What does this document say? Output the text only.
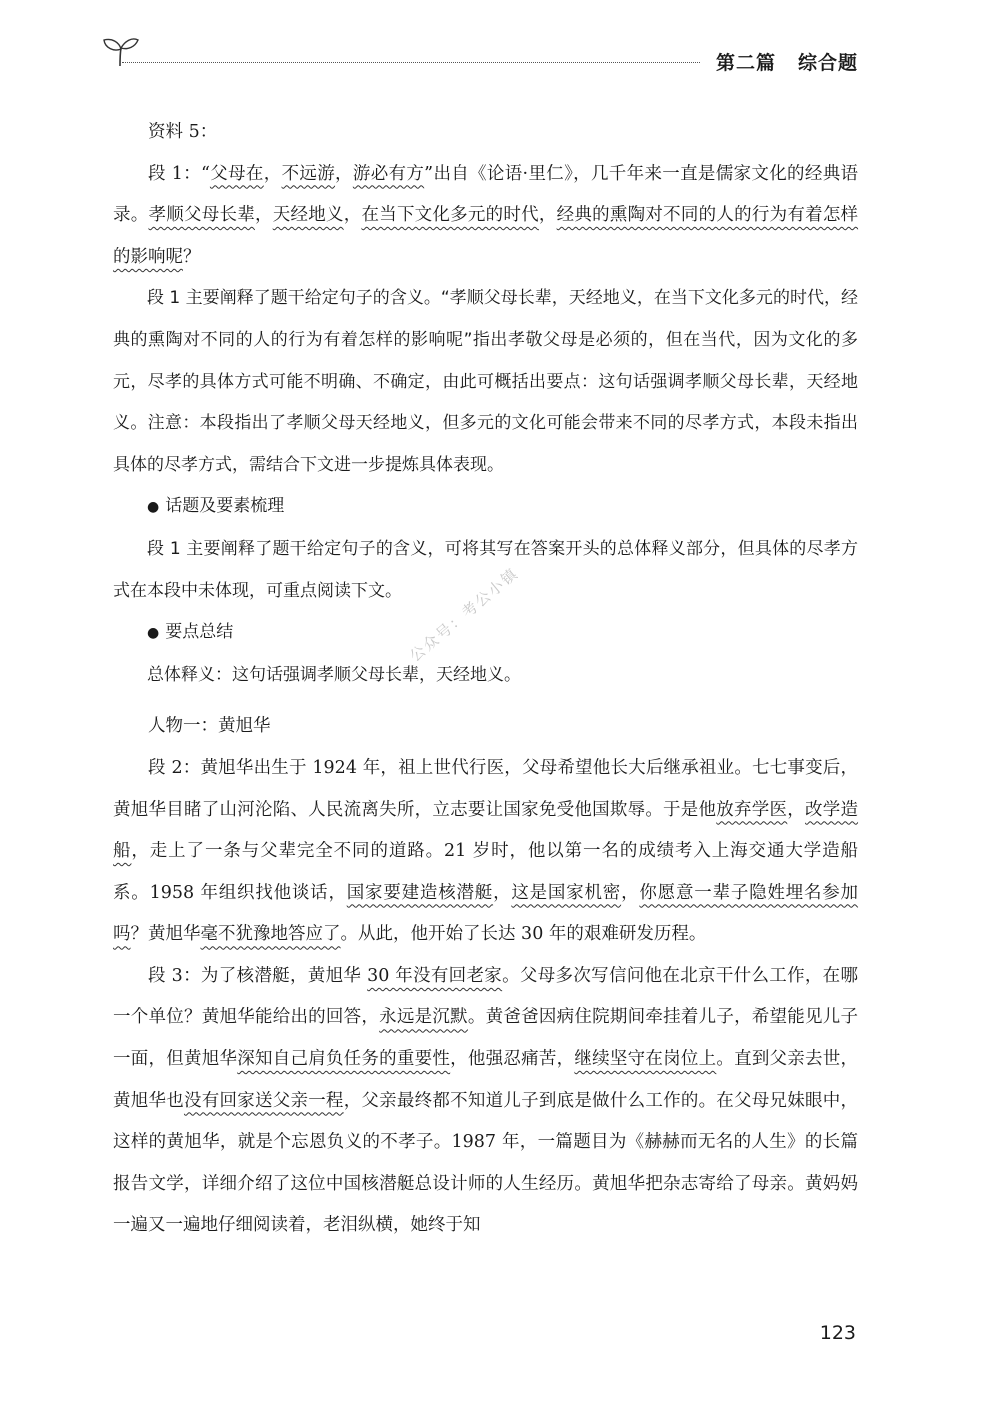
第二篇 综合题
公众号：考公小镇

资料 5：

段 1：“父母在，不远游，游必有方”出自《论语·里仁》，几千年来一直是儒家文化的经典语录。孝顺父母长辈，天经地义，在当下文化多元的时代，经典的熏陶对不同的人的行为有着怎样的影响呢？

段 1 主要阐释了题干给定句子的含义。“孝顺父母长辈，天经地义，在当下文化多元的时代，经典的熏陶对不同的人的行为有着怎样的影响呢”指出孝敬父母是必须的，但在当代，因为文化的多元，尽孝的具体方式可能不明确、不确定，由此可概括出要点：这句话强调孝顺父母长辈，天经地义。注意：本段指出了孝顺父母天经地义，但多元的文化可能会带来不同的尽孝方式，本段未指出具体的尽孝方式，需结合下文进一步提炼具体表现。

● 话题及要素梳理

段 1 主要阐释了题干给定句子的含义，可将其写在答案开头的总体释义部分，但具体的尽孝方式在本段中未体现，可重点阅读下文。

● 要点总结

总体释义：这句话强调孝顺父母长辈，天经地义。

人物一：黄旭华

段 2：黄旭华出生于 1924 年，祖上世代行医，父母希望他长大后继承祖业。七七事变后，黄旭华目睹了山河沦陷、人民流离失所，立志要让国家免受他国欺辱。于是他放弃学医，改学造船，走上了一条与父辈完全不同的道路。21 岁时，他以第一名的成绩考入上海交通大学造船系。1958 年组织找他谈话，国家要建造核潜艇，这是国家机密，你愿意一辈子隐姓埋名参加吗？黄旭华毫不犹豫地答应了。从此，他开始了长达 30 年的艰难研发历程。

段 3：为了核潜艇，黄旭华 30 年没有回老家。父母多次写信问他在北京干什么工作，在哪一个单位？黄旭华能给出的回答，永远是沉默。黄爸爸因病住院期间牵挂着儿子，希望能见儿子一面，但黄旭华深知自己肩负任务的重要性，他强忍痛苦，继续坚守在岗位上。直到父亲去世，黄旭华也没有回家送父亲一程，父亲最终都不知道儿子到底是做什么工作的。在父母兄妹眼中，这样的黄旭华，就是个忘恩负义的不孝子。1987 年，一篇题目为《赫赫而无名的人生》的长篇报告文学，详细介绍了这位中国核潜艇总设计师的人生经历。黄旭华把杂志寄给了母亲。黄妈妈一遍又一遍地仔细阅读着，老泪纵横，她终于知

123
